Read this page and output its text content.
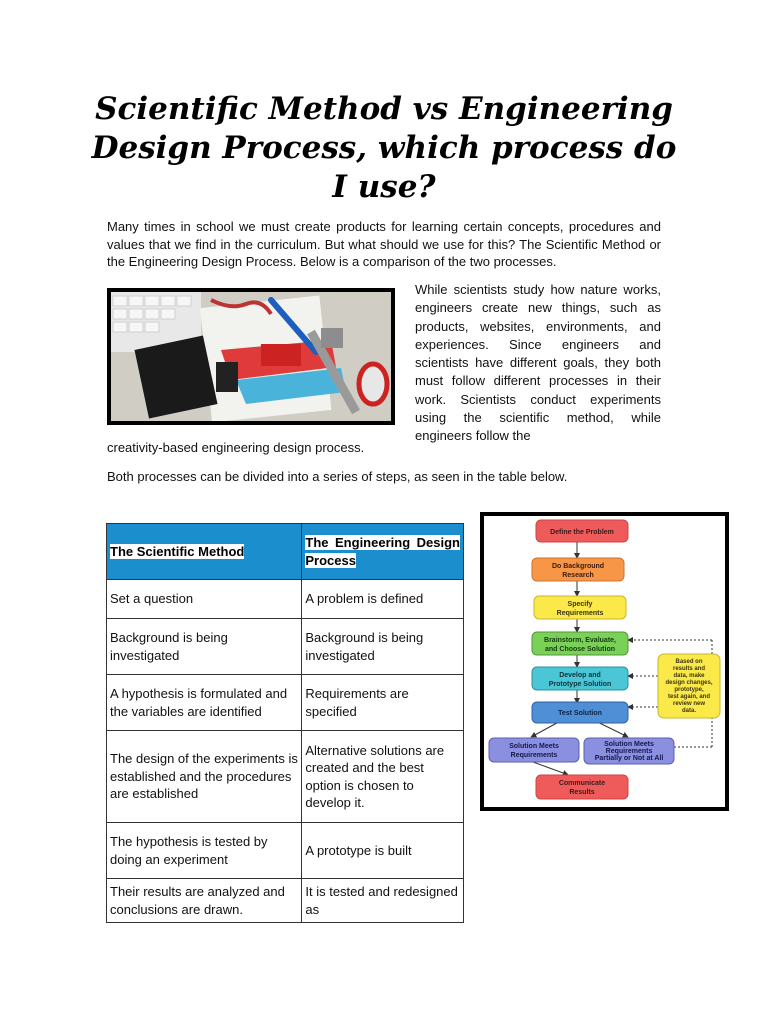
Scientific Method vs Engineering Design Process, which process do I use?

Many times in school we must create products for learning certain concepts, procedures and values that we find in the curriculum. But what should we use for this? The Scientific Method or the Engineering Design Process. Below is a comparison of the two processes.

While scientists study how nature works, engineers create new things, such as products, websites, environments, and experiences. Since engineers and scientists have different goals, they both must follow different processes in their work. Scientists conduct experiments using the scientific method, while engineers follow the

creativity-based engineering design process.

Both processes can be divided into a series of steps, as seen in the table below.

The Scientific Method	The Engineering Design Process
Set a question	A problem is defined
Background is being investigated	Background is being investigated
A hypothesis is formulated and the variables are identified	Requirements are specified
The design of the experiments is established and the procedures are established	Alternative solutions are created and the best option is chosen to develop it.
The hypothesis is tested by doing an experiment	A prototype is built
Their results are analyzed and conclusions are drawn.	It is tested and redesigned as
Define the Problem
Do Background
Research
Specify
Requirements
Brainstorm, Evaluate,
and Choose Solution
Develop and
Prototype Solution
Test Solution
Solution Meets
Requirements
Solution Meets
Requirements
Partially or Not at All
Communicate
Results
Based on
results and
data, make
design changes,
prototype,
test again, and
review new
data.
